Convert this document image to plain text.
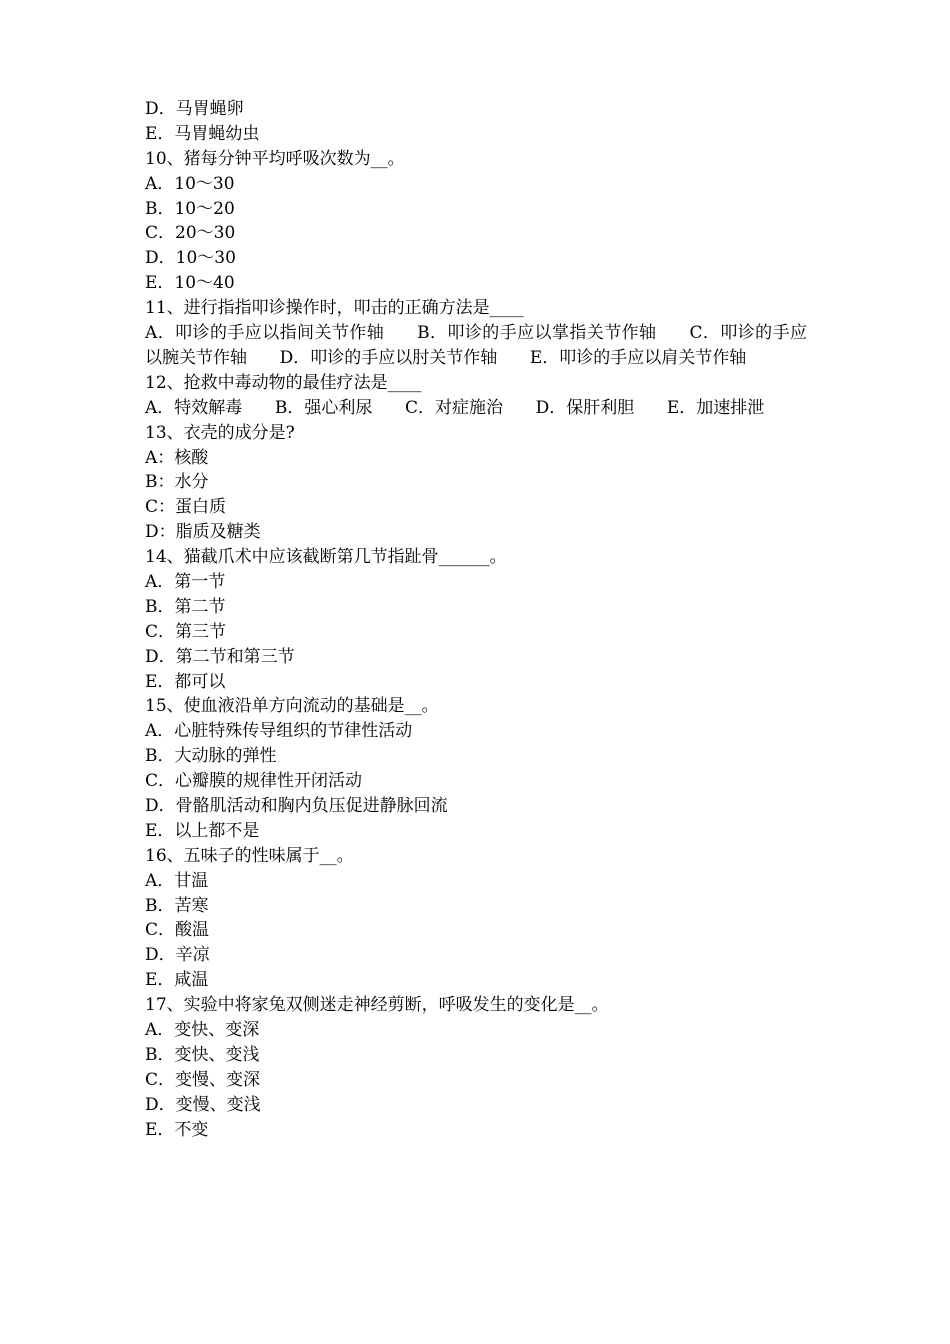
D．马胃蝇卵
E．马胃蝇幼虫
10、猪每分钟平均呼吸次数为__。
A．10～30
B．10～20
C．20～30
D．10～30
E．10～40
11、进行指指叩诊操作时，叩击的正确方法是____
A．叩诊的手应以指间关节作轴 B．叩诊的手应以掌指关节作轴 C．叩诊的手应以腕关节作轴 D．叩诊的手应以肘关节作轴 E．叩诊的手应以肩关节作轴
12、抢救中毒动物的最佳疗法是____
A．特效解毒 B．强心利尿 C．对症施治 D．保肝利胆 E．加速排泄
13、衣壳的成分是?
A：核酸
B：水分
C：蛋白质
D：脂质及糖类
14、猫截爪术中应该截断第几节指趾骨______。
A．第一节
B．第二节
C．第三节
D．第二节和第三节
E．都可以
15、使血液沿单方向流动的基础是__。
A．心脏特殊传导组织的节律性活动
B．大动脉的弹性
C．心瓣膜的规律性开闭活动
D．骨骼肌活动和胸内负压促进静脉回流
E．以上都不是
16、五味子的性味属于__。
A．甘温
B．苦寒
C．酸温
D．辛凉
E．咸温
17、实验中将家兔双侧迷走神经剪断，呼吸发生的变化是__。
A．变快、变深
B．变快、变浅
C．变慢、变深
D．变慢、变浅
E．不变
